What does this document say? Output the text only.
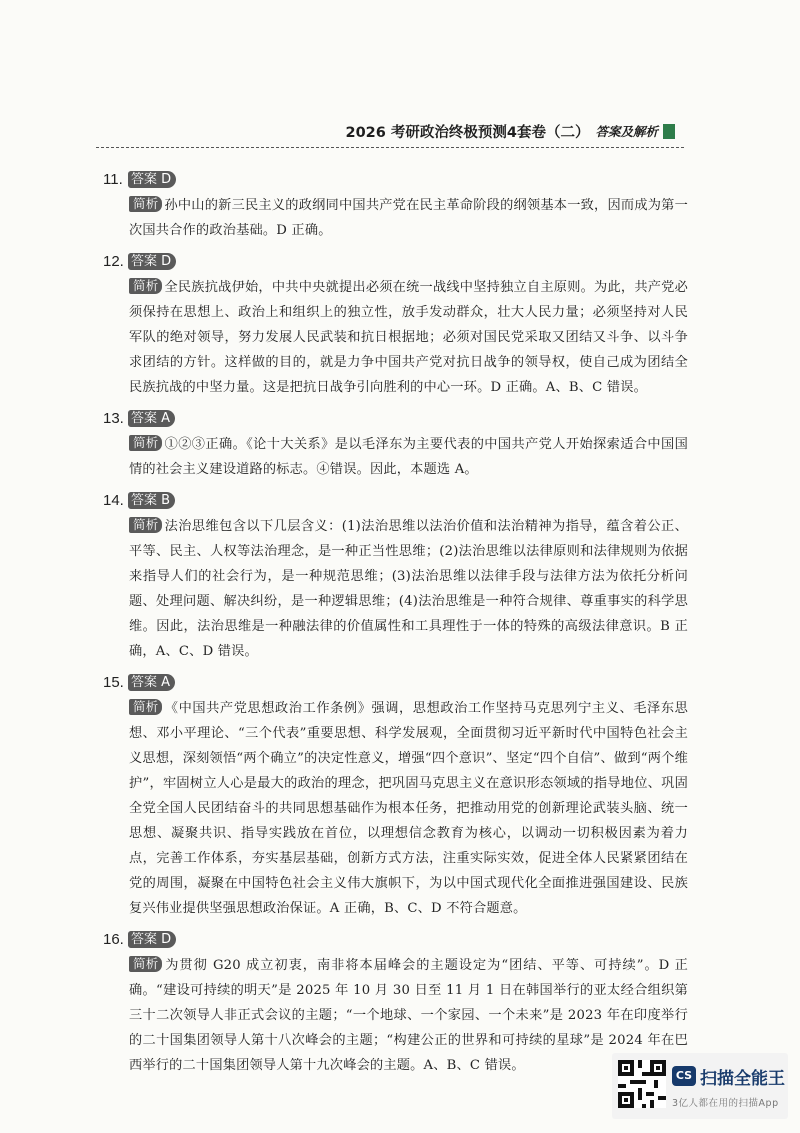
2026 考研政治终极预测4套卷（二） 答案及解析
11. 答案 D

简析 孙中山的新三民主义的政纲同中国共产党在民主革命阶段的纲领基本一致，因而成为第一次国共合作的政治基础。D 正确。

12. 答案 D

简析 全民族抗战伊始，中共中央就提出必须在统一战线中坚持独立自主原则。为此，共产党必须保持在思想上、政治上和组织上的独立性，放手发动群众，壮大人民力量；必须坚持对人民军队的绝对领导，努力发展人民武装和抗日根据地；必须对国民党采取又团结又斗争、以斗争求团结的方针。这样做的目的，就是力争中国共产党对抗日战争的领导权，使自己成为团结全民族抗战的中坚力量。这是把抗日战争引向胜利的中心一环。D 正确。A、B、C 错误。

13. 答案 A

简析 ①②③正确。《论十大关系》是以毛泽东为主要代表的中国共产党人开始探索适合中国国情的社会主义建设道路的标志。④错误。因此，本题选 A。

14. 答案 B

简析 法治思维包含以下几层含义：(1)法治思维以法治价值和法治精神为指导，蕴含着公正、平等、民主、人权等法治理念，是一种正当性思维；(2)法治思维以法律原则和法律规则为依据来指导人们的社会行为，是一种规范思维；(3)法治思维以法律手段与法律方法为依托分析问题、处理问题、解决纠纷，是一种逻辑思维；(4)法治思维是一种符合规律、尊重事实的科学思维。因此，法治思维是一种融法律的价值属性和工具理性于一体的特殊的高级法律意识。B 正确，A、C、D 错误。

15. 答案 A

简析 《中国共产党思想政治工作条例》强调，思想政治工作坚持马克思列宁主义、毛泽东思想、邓小平理论、“三个代表”重要思想、科学发展观，全面贯彻习近平新时代中国特色社会主义思想，深刻领悟“两个确立”的决定性意义，增强“四个意识”、坚定“四个自信”、做到“两个维护”，牢固树立人心是最大的政治的理念，把巩固马克思主义在意识形态领域的指导地位、巩固全党全国人民团结奋斗的共同思想基础作为根本任务，把推动用党的创新理论武装头脑、统一思想、凝聚共识、指导实践放在首位，以理想信念教育为核心，以调动一切积极因素为着力点，完善工作体系，夯实基层基础，创新方式方法，注重实际实效，促进全体人民紧紧团结在党的周围，凝聚在中国特色社会主义伟大旗帜下，为以中国式现代化全面推进强国建设、民族复兴伟业提供坚强思想政治保证。A 正确，B、C、D 不符合题意。

16. 答案 D

简析 为贯彻 G20 成立初衷，南非将本届峰会的主题设定为“团结、平等、可持续”。D 正确。“建设可持续的明天”是 2025 年 10 月 30 日至 11 月 1 日在韩国举行的亚太经合组织第三十二次领导人非正式会议的主题；“一个地球、一个家园、一个未来”是 2023 年在印度举行的二十国集团领导人第十八次峰会的主题；“构建公正的世界和可持续的星球”是 2024 年在巴西举行的二十国集团领导人第十九次峰会的主题。A、B、C 错误。

CS 扫描全能王
3亿人都在用的扫描App
